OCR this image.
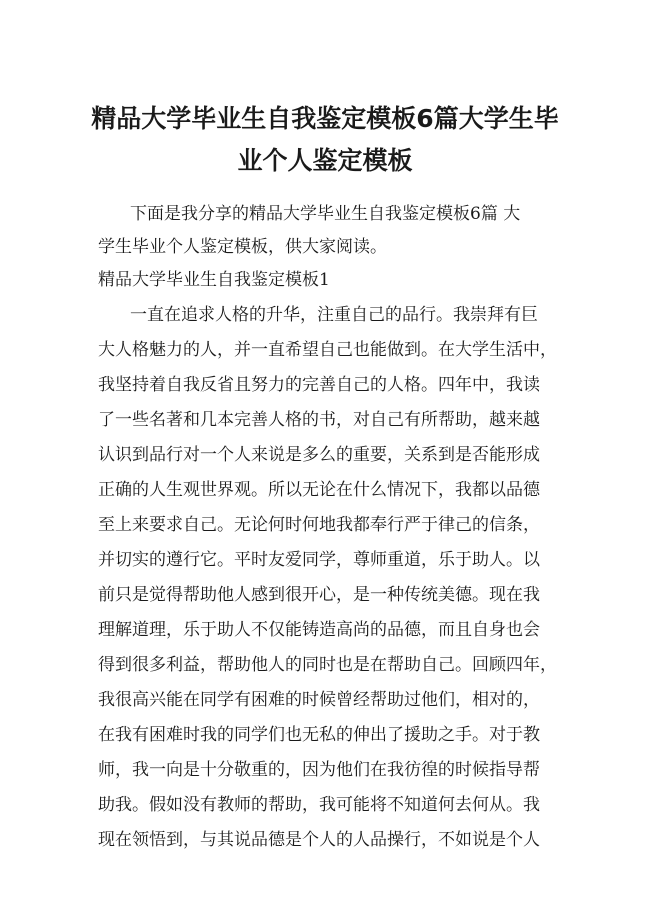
精品大学毕业生自我鉴定模板6篇大学生毕
业个人鉴定模板

下面是我分享的精品大学毕业生自我鉴定模板6篇 大

学生毕业个人鉴定模板，供大家阅读。

精品大学毕业生自我鉴定模板1

一直在追求人格的升华，注重自己的品行。我崇拜有巨

大人格魅力的人，并一直希望自己也能做到。在大学生活中，

我坚持着自我反省且努力的完善自己的人格。四年中，我读

了一些名著和几本完善人格的书，对自己有所帮助，越来越

认识到品行对一个人来说是多么的重要，关系到是否能形成

正确的人生观世界观。所以无论在什么情况下，我都以品德

至上来要求自己。无论何时何地我都奉行严于律己的信条，

并切实的遵行它。平时友爱同学，尊师重道，乐于助人。以

前只是觉得帮助他人感到很开心，是一种传统美德。现在我

理解道理，乐于助人不仅能铸造高尚的品德，而且自身也会

得到很多利益，帮助他人的同时也是在帮助自己。回顾四年，

我很高兴能在同学有困难的时候曾经帮助过他们，相对的，

在我有困难时我的同学们也无私的伸出了援助之手。对于教

师，我一向是十分敬重的，因为他们在我彷徨的时候指导帮

助我。假如没有教师的帮助，我可能将不知道何去何从。我

现在领悟到，与其说品德是个人的人品操行，不如说是个人
